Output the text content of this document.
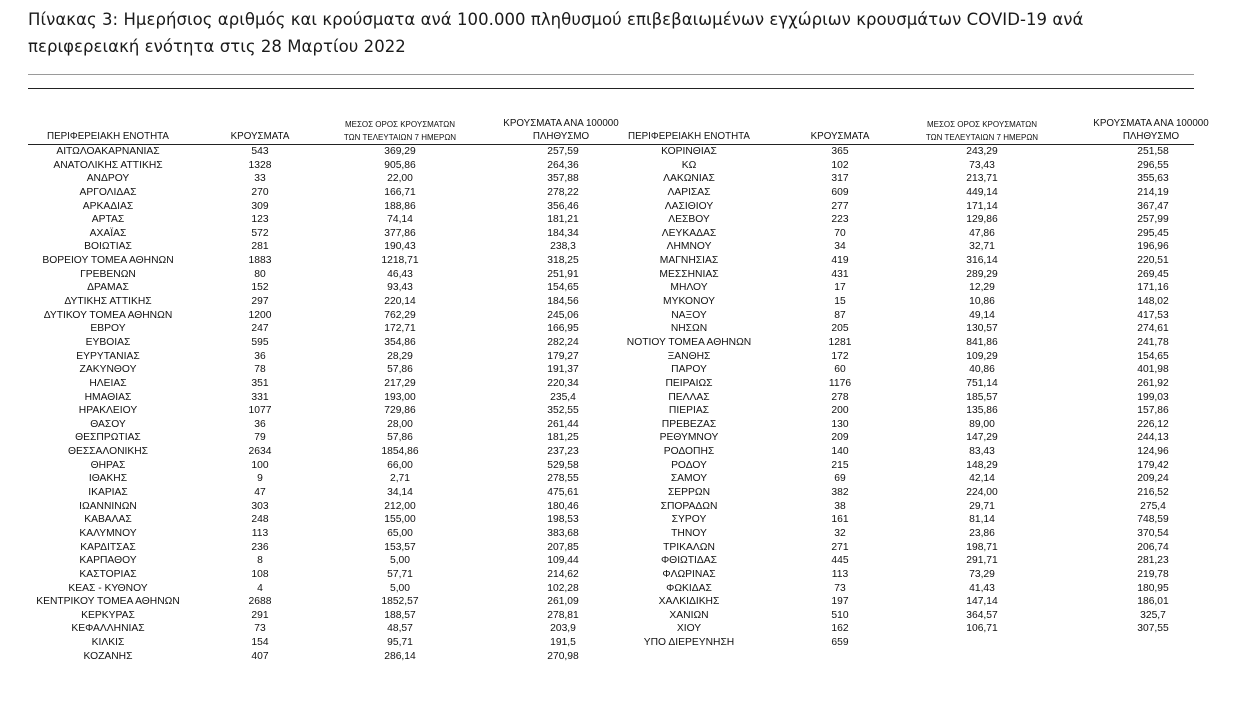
Πίνακας 3: Ημερήσιος αριθμός και κρούσματα ανά 100.000 πληθυσμού επιβεβαιωμένων εγχώριων κρουσμάτων COVID-19 ανά περιφερειακή ενότητα στις 28 Μαρτίου 2022
ΠΕΡΙΦΕΡΕΙΑΚΗ ΕΝΟΤΗΤΑ	ΚΡΟΥΣΜΑΤΑ
ΜΕΣΟΣ ΟΡΟΣ ΚΡΟΥΣΜΑΤΩΝ
ΤΩΝ ΤΕΛΕΥΤΑΙΩΝ 7 ΗΜΕΡΩΝ
ΚΡΟΥΣΜΑΤΑ ΑΝΑ 100000
ΠΛΗΘΥΣΜΟ
ΑΙΤΩΛΟΑΚΑΡΝΑΝΙΑΣ	543	369,29	257,59
ΑΝΑΤΟΛΙΚΗΣ ΑΤΤΙΚΗΣ	1328	905,86	264,36
ΑΝΔΡΟΥ	33	22,00	357,88
ΑΡΓΟΛΙΔΑΣ	270	166,71	278,22
ΑΡΚΑΔΙΑΣ	309	188,86	356,46
ΑΡΤΑΣ	123	74,14	181,21
ΑΧΑΪΑΣ	572	377,86	184,34
ΒΟΙΩΤΙΑΣ	281	190,43	238,3
ΒΟΡΕΙΟΥ ΤΟΜΕΑ ΑΘΗΝΩΝ	1883	1218,71	318,25
ΓΡΕΒΕΝΩΝ	80	46,43	251,91
ΔΡΑΜΑΣ	152	93,43	154,65
ΔΥΤΙΚΗΣ ΑΤΤΙΚΗΣ	297	220,14	184,56
ΔΥΤΙΚΟΥ ΤΟΜΕΑ ΑΘΗΝΩΝ	1200	762,29	245,06
ΕΒΡΟΥ	247	172,71	166,95
ΕΥΒΟΙΑΣ	595	354,86	282,24
ΕΥΡΥΤΑΝΙΑΣ	36	28,29	179,27
ΖΑΚΥΝΘΟΥ	78	57,86	191,37
ΗΛΕΙΑΣ	351	217,29	220,34
ΗΜΑΘΙΑΣ	331	193,00	235,4
ΗΡΑΚΛΕΙΟΥ	1077	729,86	352,55
ΘΑΣΟΥ	36	28,00	261,44
ΘΕΣΠΡΩΤΙΑΣ	79	57,86	181,25
ΘΕΣΣΑΛΟΝΙΚΗΣ	2634	1854,86	237,23
ΘΗΡΑΣ	100	66,00	529,58
ΙΘΑΚΗΣ	9	2,71	278,55
ΙΚΑΡΙΑΣ	47	34,14	475,61
ΙΩΑΝΝΙΝΩΝ	303	212,00	180,46
ΚΑΒΑΛΑΣ	248	155,00	198,53
ΚΑΛΥΜΝΟΥ	113	65,00	383,68
ΚΑΡΔΙΤΣΑΣ	236	153,57	207,85
ΚΑΡΠΑΘΟΥ	8	5,00	109,44
ΚΑΣΤΟΡΙΑΣ	108	57,71	214,62
ΚΕΑΣ - ΚΥΘΝΟΥ	4	5,00	102,28
ΚΕΝΤΡΙΚΟΥ ΤΟΜΕΑ ΑΘΗΝΩΝ	2688	1852,57	261,09
ΚΕΡΚΥΡΑΣ	291	188,57	278,81
ΚΕΦΑΛΛΗΝΙΑΣ	73	48,57	203,9
ΚΙΛΚΙΣ	154	95,71	191,5
ΚΟΖΑΝΗΣ	407	286,14	270,98
ΠΕΡΙΦΕΡΕΙΑΚΗ ΕΝΟΤΗΤΑ	ΚΡΟΥΣΜΑΤΑ
ΜΕΣΟΣ ΟΡΟΣ ΚΡΟΥΣΜΑΤΩΝ
ΤΩΝ ΤΕΛΕΥΤΑΙΩΝ 7 ΗΜΕΡΩΝ
ΚΡΟΥΣΜΑΤΑ ΑΝΑ 100000
ΠΛΗΘΥΣΜΟ
ΚΟΡΙΝΘΙΑΣ	365	243,29	251,58
ΚΩ	102	73,43	296,55
ΛΑΚΩΝΙΑΣ	317	213,71	355,63
ΛΑΡΙΣΑΣ	609	449,14	214,19
ΛΑΣΙΘΙΟΥ	277	171,14	367,47
ΛΕΣΒΟΥ	223	129,86	257,99
ΛΕΥΚΑΔΑΣ	70	47,86	295,45
ΛΗΜΝΟΥ	34	32,71	196,96
ΜΑΓΝΗΣΙΑΣ	419	316,14	220,51
ΜΕΣΣΗΝΙΑΣ	431	289,29	269,45
ΜΗΛΟΥ	17	12,29	171,16
ΜΥΚΟΝΟΥ	15	10,86	148,02
ΝΑΞΟΥ	87	49,14	417,53
ΝΗΣΩΝ	205	130,57	274,61
ΝΟΤΙΟΥ ΤΟΜΕΑ ΑΘΗΝΩΝ	1281	841,86	241,78
ΞΑΝΘΗΣ	172	109,29	154,65
ΠΑΡΟΥ	60	40,86	401,98
ΠΕΙΡΑΙΩΣ	1176	751,14	261,92
ΠΕΛΛΑΣ	278	185,57	199,03
ΠΙΕΡΙΑΣ	200	135,86	157,86
ΠΡΕΒΕΖΑΣ	130	89,00	226,12
ΡΕΘΥΜΝΟΥ	209	147,29	244,13
ΡΟΔΟΠΗΣ	140	83,43	124,96
ΡΟΔΟΥ	215	148,29	179,42
ΣΑΜΟΥ	69	42,14	209,24
ΣΕΡΡΩΝ	382	224,00	216,52
ΣΠΟΡΑΔΩΝ	38	29,71	275,4
ΣΥΡΟΥ	161	81,14	748,59
ΤΗΝΟΥ	32	23,86	370,54
ΤΡΙΚΑΛΩΝ	271	198,71	206,74
ΦΘΙΩΤΙΔΑΣ	445	291,71	281,23
ΦΛΩΡΙΝΑΣ	113	73,29	219,78
ΦΩΚΙΔΑΣ	73	41,43	180,95
ΧΑΛΚΙΔΙΚΗΣ	197	147,14	186,01
ΧΑΝΙΩΝ	510	364,57	325,7
ΧΙΟΥ	162	106,71	307,55
ΥΠΟ ΔΙΕΡΕΥΝΗΣΗ	659
